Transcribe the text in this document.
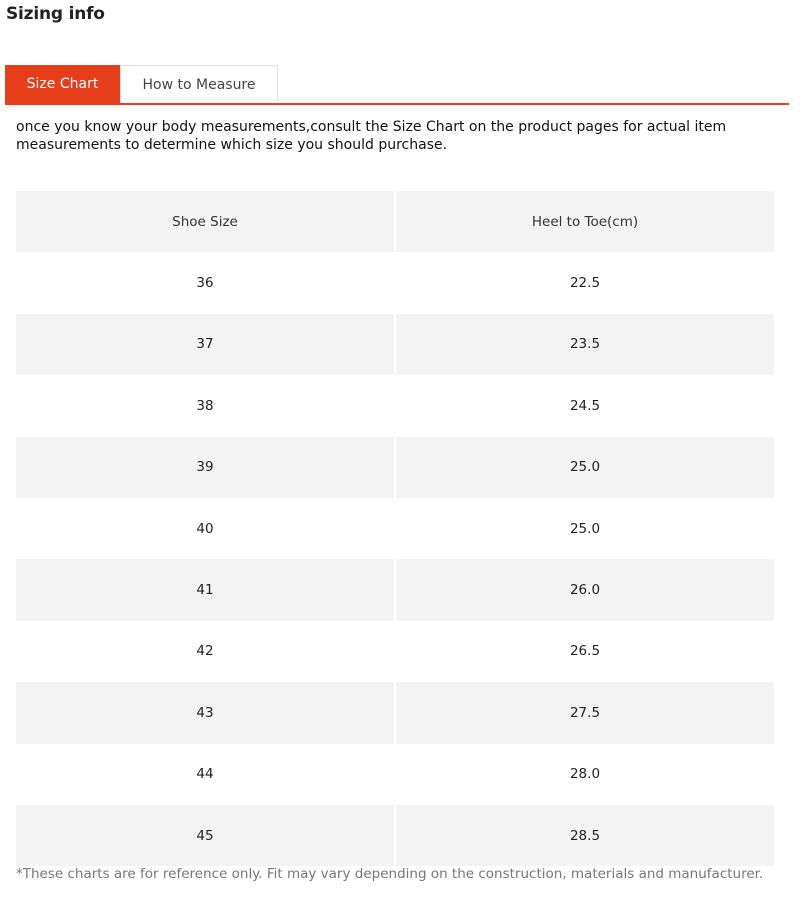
Sizing info
Size Chart	How to Measure
once you know your body measurements,consult the Size Chart on the product pages for actual item measurements to determine which size you should purchase.
Shoe Size	Heel to Toe(cm)
36	22.5
37	23.5
38	24.5
39	25.0
40	25.0
41	26.0
42	26.5
43	27.5
44	28.0
45	28.5
*These charts are for reference only. Fit may vary depending on the construction, materials and manufacturer.
